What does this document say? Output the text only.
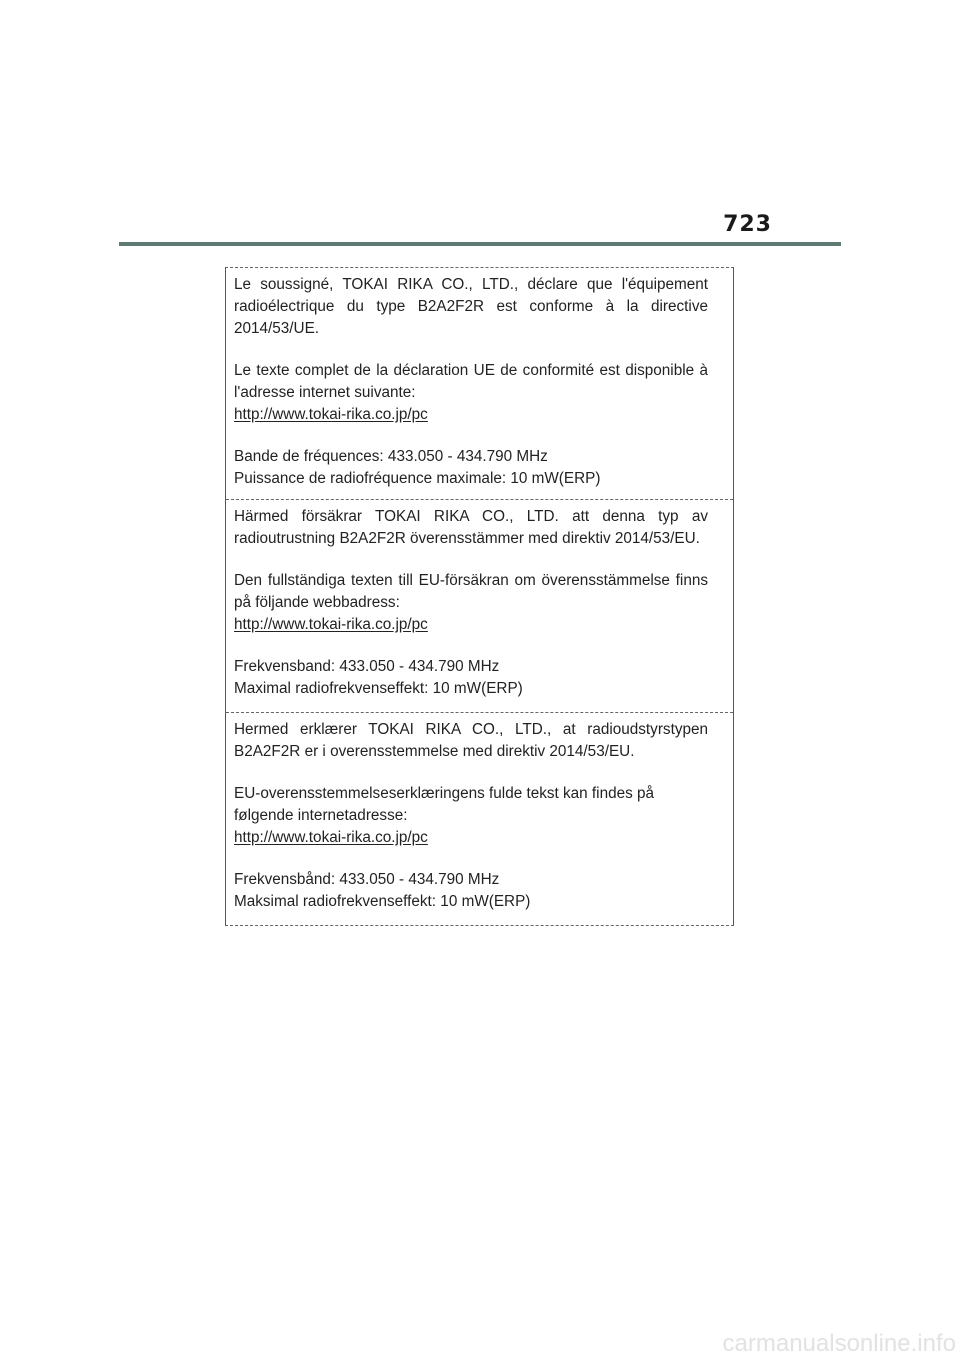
723

Le soussigné, TOKAI RIKA CO., LTD., déclare que l'équipement radioélectrique du type B2A2F2R est conforme à la directive 2014/53/UE.

Le texte complet de la déclaration UE de conformité est disponible à l'adresse internet suivante:
http://www.tokai-rika.co.jp/pc

Bande de fréquences: 433.050 - 434.790 MHz
Puissance de radiofréquence maximale: 10 mW(ERP)

Härmed försäkrar TOKAI RIKA CO., LTD. att denna typ av radioutrustning B2A2F2R överensstämmer med direktiv 2014/53/EU.

Den fullständiga texten till EU-försäkran om överensstämmelse finns på följande webbadress:
http://www.tokai-rika.co.jp/pc

Frekvensband: 433.050 - 434.790 MHz
Maximal radiofrekvenseffekt: 10 mW(ERP)

Hermed erklærer TOKAI RIKA CO., LTD., at radioudstyrstypen B2A2F2R er i overensstemmelse med direktiv 2014/53/EU.

EU-overensstemmelseserklæringens fulde tekst kan findes på
følgende internetadresse:
http://www.tokai-rika.co.jp/pc

Frekvensbånd: 433.050 - 434.790 MHz
Maksimal radiofrekvenseffekt: 10 mW(ERP)

carmanualsonline.info
